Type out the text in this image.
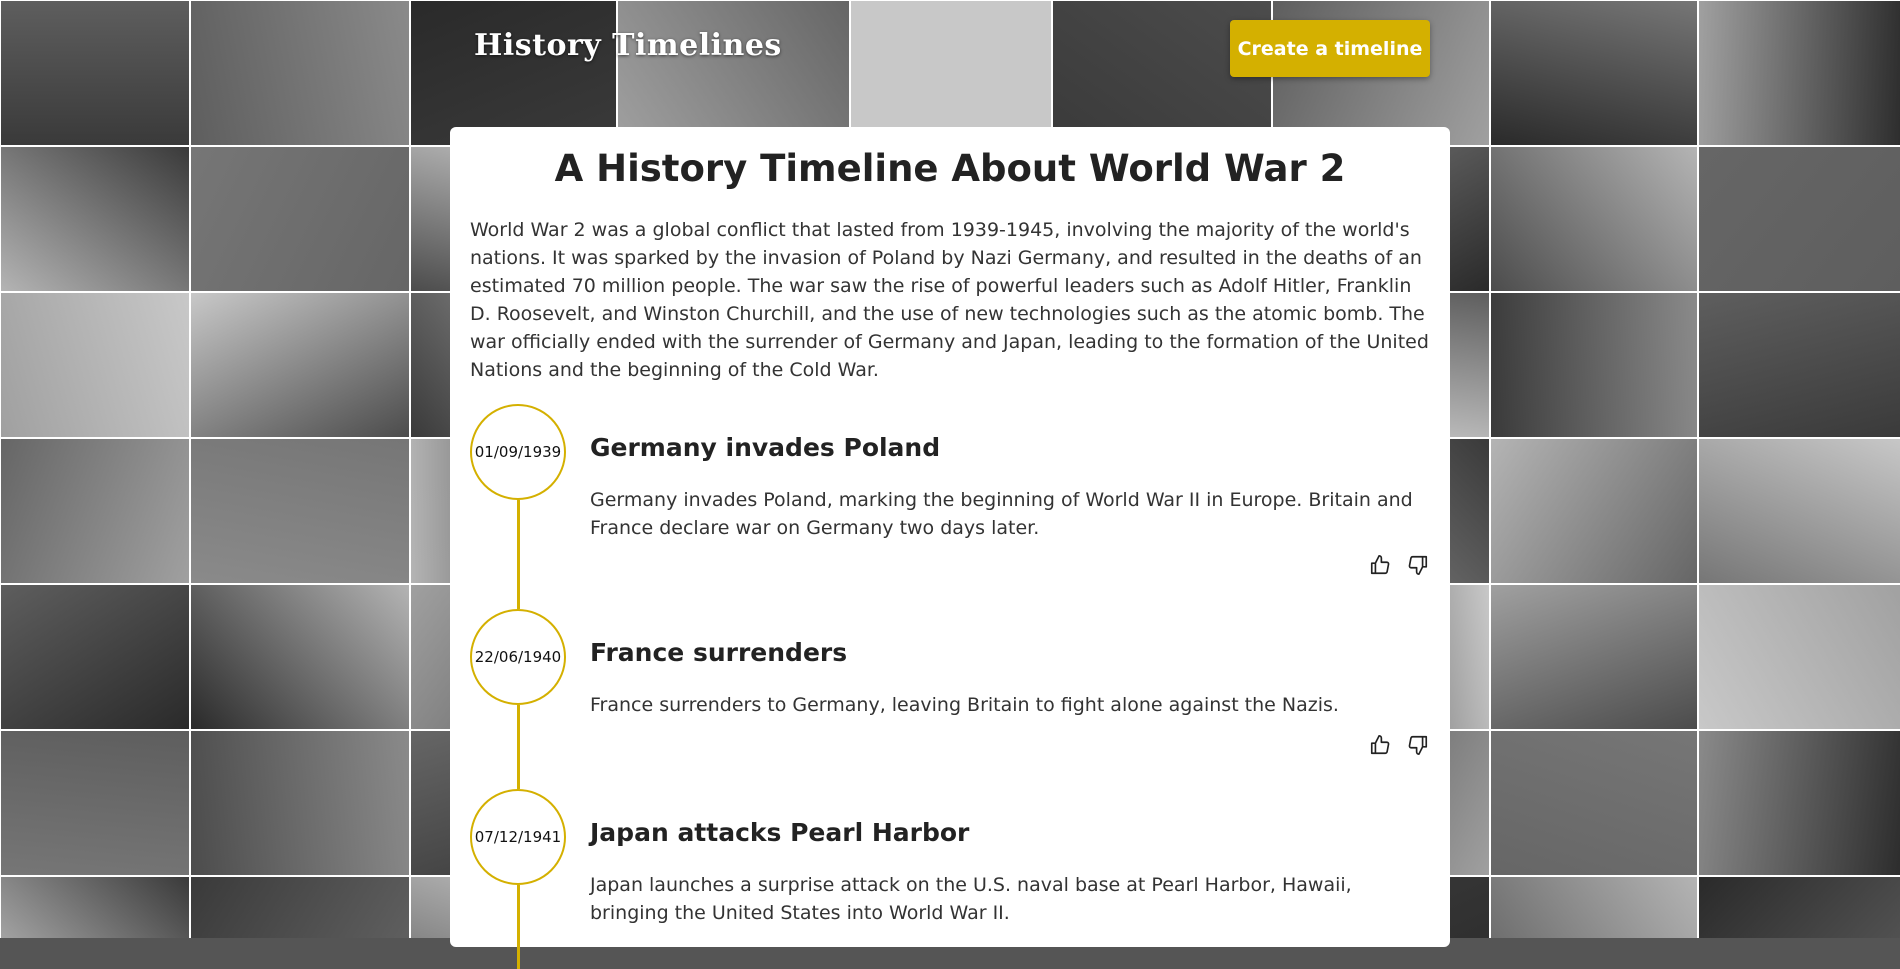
History Timelines	Create a timeline
A History Timeline About World War 2

World War 2 was a global conflict that lasted from 1939-1945, involving the majority of the world's nations. It was sparked by the invasion of Poland by Nazi Germany, and resulted in the deaths of an estimated 70 million people. The war saw the rise of powerful leaders such as Adolf Hitler, Franklin D. Roosevelt, and Winston Churchill, and the use of new technologies such as the atomic bomb. The war officially ended with the surrender of Germany and Japan, leading to the formation of the United Nations and the beginning of the Cold War.

01/09/1939 Germany invades Poland
Germany invades Poland, marking the beginning of World War II in Europe. Britain and France declare war on Germany two days later.
22/06/1940 France surrenders
France surrenders to Germany, leaving Britain to fight alone against the Nazis.
07/12/1941 Japan attacks Pearl Harbor
Japan launches a surprise attack on the U.S. naval base at Pearl Harbor, Hawaii, bringing the United States into World War II.
